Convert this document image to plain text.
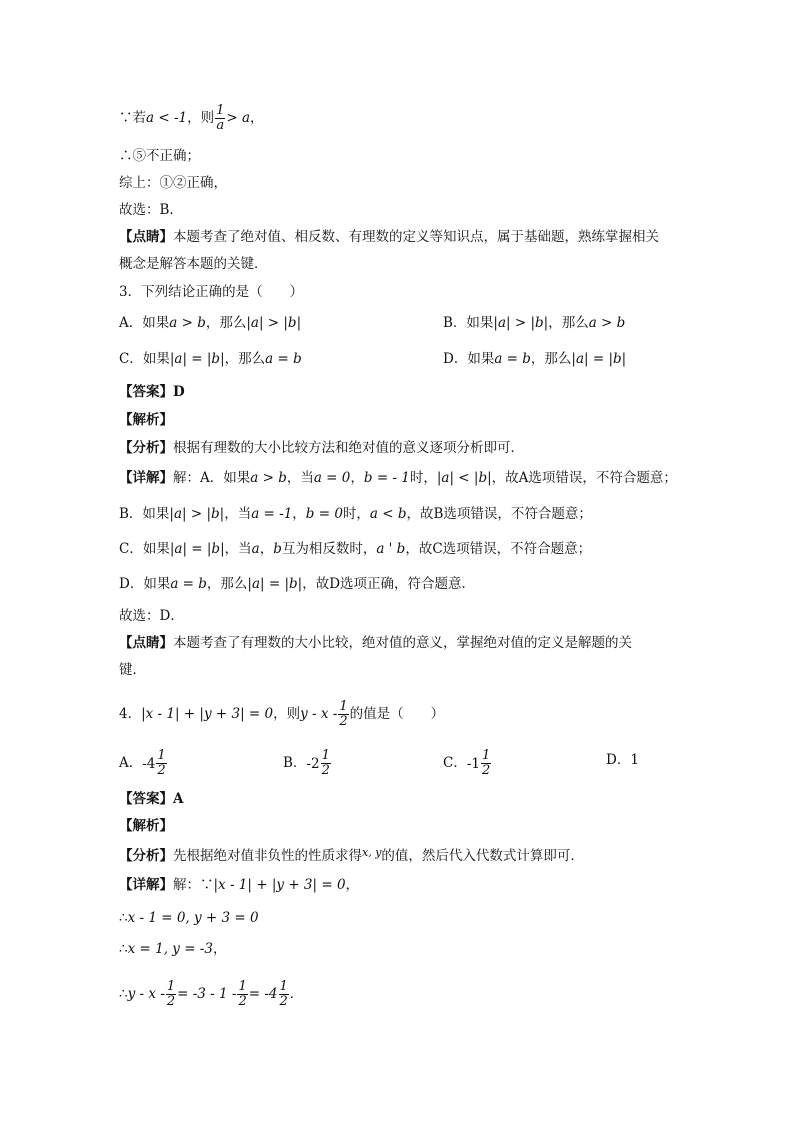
∵若a < -1，则 $\frac{1}{a} > a$，
∴⑤不正确；
综上：①②正确，
故选：B．
【点睛】本题考查了绝对值、相反数、有理数的定义等知识点，属于基础题，熟练掌握相关
概念是解答本题的关键．
3．下列结论正确的是（　　）
A．如果a > b，那么|a| > |b|	B．如果|a| > |b|，那么a > b
C．如果|a| = |b|，那么a = b	D．如果a = b，那么|a| = |b|
【答案】D
【解析】
【分析】根据有理数的大小比较方法和绝对值的意义逐项分析即可．
【详解】解：A．如果a > b，当a = 0，b = - 1时，|a| < |b|，故A选项错误，不符合题意；
B．如果|a| > |b|，当a = -1，b = 0时，a < b，故B选项错误，不符合题意；
C．如果|a| = |b|，当a，b互为相反数时，a ' b，故C选项错误，不符合题意；
D．如果a = b，那么|a| = |b|，故D选项正确，符合题意．
故选：D．
【点睛】本题考查了有理数的大小比较，绝对值的意义，掌握绝对值的定义是解题的关
键．
4．|x - 1| + |y + 3| = 0，则y - x - $\frac{1}{2}$ 的值是（　　）
A．$-4 \frac{1}{2}$	B．$-2 \frac{1}{2}$	C．$-1 \frac{1}{2}$	D．1
【答案】A
【解析】
【分析】先根据绝对值非负性的性质求得$^{x, y}$的值，然后代入代数式计算即可．
【详解】解：∵|x - 1| + |y + 3| = 0，
∴x - 1 = 0, y + 3 = 0
∴x = 1, y = -3，
∴y - $x - \frac{1}{2} = -3 - 1 - \frac{1}{2} = -4 \frac{1}{2}$ ．
